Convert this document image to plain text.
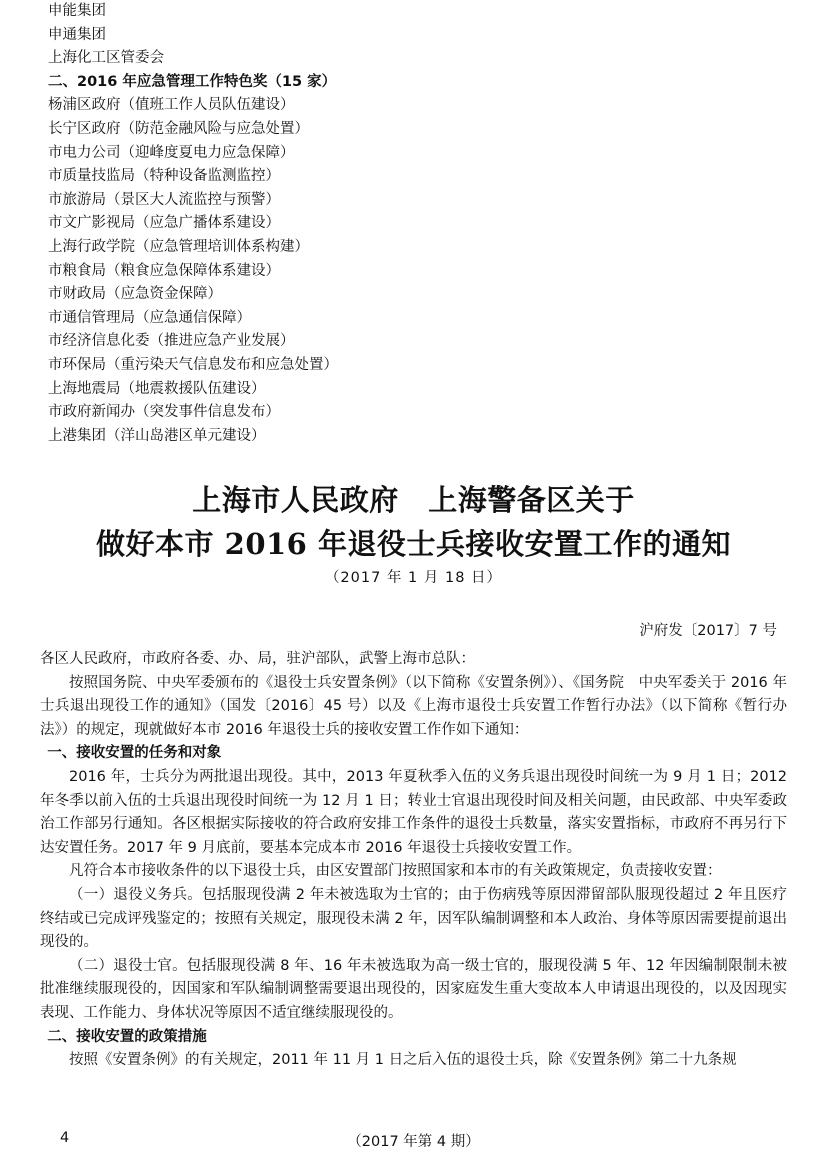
申能集团
申通集团
上海化工区管委会
二、2016 年应急管理工作特色奖（15 家）
杨浦区政府（值班工作人员队伍建设）
长宁区政府（防范金融风险与应急处置）
市电力公司（迎峰度夏电力应急保障）
市质量技监局（特种设备监测监控）
市旅游局（景区大人流监控与预警）
市文广影视局（应急广播体系建设）
上海行政学院（应急管理培训体系构建）
市粮食局（粮食应急保障体系建设）
市财政局（应急资金保障）
市通信管理局（应急通信保障）
市经济信息化委（推进应急产业发展）
市环保局（重污染天气信息发布和应急处置）
上海地震局（地震救援队伍建设）
市政府新闻办（突发事件信息发布）
上港集团（洋山岛港区单元建设）
上海市人民政府　上海警备区关于
做好本市 2016 年退役士兵接收安置工作的通知
（2017 年 1 月 18 日）
沪府发〔2017〕7 号

各区人民政府，市政府各委、办、局，驻沪部队，武警上海市总队：

按照国务院、中央军委颁布的《退役士兵安置条例》（以下简称《安置条例》）、《国务院　中央军委关于 2016 年士兵退出现役工作的通知》（国发〔2016〕45 号）以及《上海市退役士兵安置工作暂行办法》（以下简称《暂行办法》）的规定，现就做好本市 2016 年退役士兵的接收安置工作作如下通知：

一、接收安置的任务和对象

2016 年，士兵分为两批退出现役。其中，2013 年夏秋季入伍的义务兵退出现役时间统一为 9 月 1 日；2012 年冬季以前入伍的士兵退出现役时间统一为 12 月 1 日；转业士官退出现役时间及相关问题，由民政部、中央军委政治工作部另行通知。各区根据实际接收的符合政府安排工作条件的退役士兵数量，落实安置指标，市政府不再另行下达安置任务。2017 年 9 月底前，要基本完成本市 2016 年退役士兵接收安置工作。

凡符合本市接收条件的以下退役士兵，由区安置部门按照国家和本市的有关政策规定，负责接收安置：

（一）退役义务兵。包括服现役满 2 年未被选取为士官的；由于伤病残等原因滞留部队服现役超过 2 年且医疗终结或已完成评残鉴定的；按照有关规定，服现役未满 2 年，因军队编制调整和本人政治、身体等原因需要提前退出现役的。

（二）退役士官。包括服现役满 8 年、16 年未被选取为高一级士官的，服现役满 5 年、12 年因编制限制未被批准继续服现役的，因国家和军队编制调整需要退出现役的，因家庭发生重大变故本人申请退出现役的，以及因现实表现、工作能力、身体状况等原因不适宜继续服现役的。

二、接收安置的政策措施

按照《安置条例》的有关规定，2011 年 11 月 1 日之后入伍的退役士兵，除《安置条例》第二十九条规

4	（2017 年第 4 期）
